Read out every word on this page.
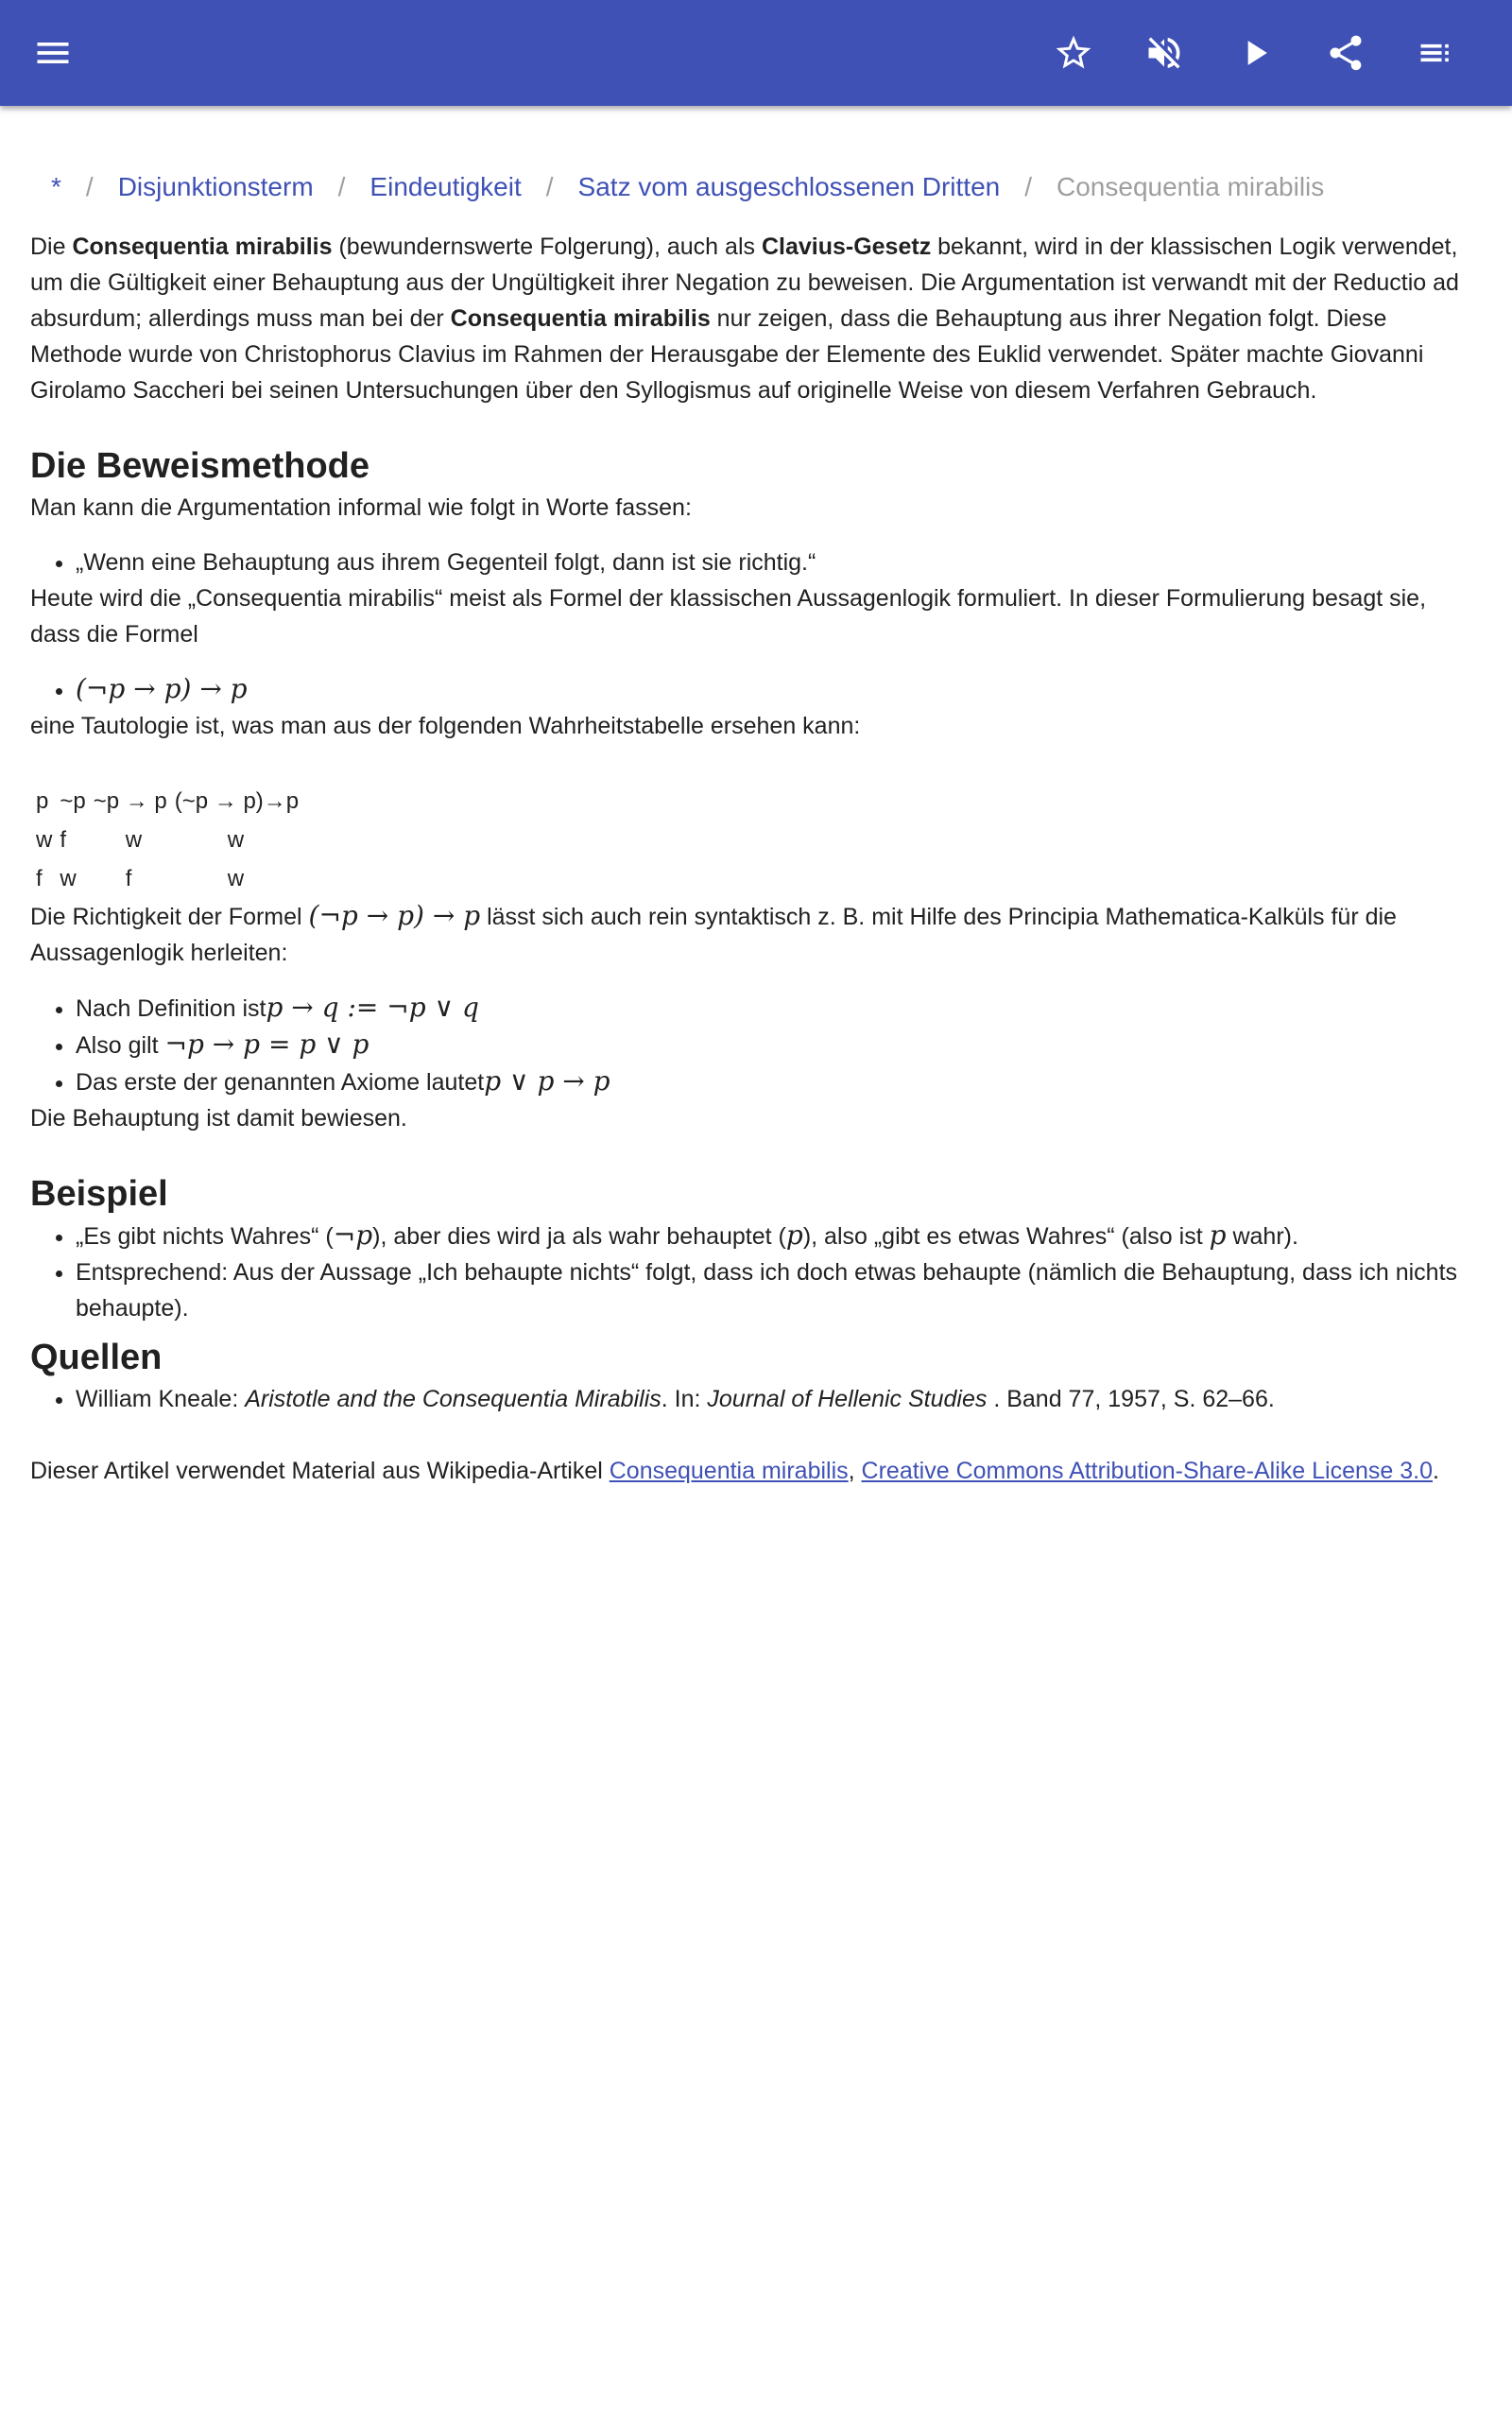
* / Disjunktionsterm / Eindeutigkeit / Satz vom ausgeschlossenen Dritten / Consequentia mirabilis

Die Consequentia mirabilis (bewundernswerte Folgerung), auch als Clavius-Gesetz bekannt, wird in der klassischen Logik verwendet, um die Gültigkeit einer Behauptung aus der Ungültigkeit ihrer Negation zu beweisen. Die Argumentation ist verwandt mit der Reductio ad absurdum; allerdings muss man bei der Consequentia mirabilis nur zeigen, dass die Behauptung aus ihrer Negation folgt. Diese Methode wurde von Christophorus Clavius im Rahmen der Herausgabe der Elemente des Euklid verwendet. Später machte Giovanni Girolamo Saccheri bei seinen Untersuchungen über den Syllogismus auf originelle Weise von diesem Verfahren Gebrauch.

Die Beweismethode

Man kann die Argumentation informal wie folgt in Worte fassen:

• „Wenn eine Behauptung aus ihrem Gegenteil folgt, dann ist sie richtig.“

Heute wird die „Consequentia mirabilis“ meist als Formel der klassischen Aussagenlogik formuliert. In dieser Formulierung besagt sie, dass die Formel

• (¬p → p) → p

eine Tautologie ist, was man aus der folgenden Wahrheitstabelle ersehen kann:

p	~p	~p → p	(~p → p)→p
w	f	w	w
f	w	f	w

Die Richtigkeit der Formel (¬p → p) → p lässt sich auch rein syntaktisch z. B. mit Hilfe des Principia Mathematica-Kalküls für die Aussagenlogik herleiten:

• Nach Definition istp → q := ¬p ∨ q
• Also gilt ¬p → p = p ∨ p
• Das erste der genannten Axiome lautetp ∨ p → p

Die Behauptung ist damit bewiesen.

Beispiel
• „Es gibt nichts Wahres“ (¬p), aber dies wird ja als wahr behauptet (p), also „gibt es etwas Wahres“ (also ist p wahr).
• Entsprechend: Aus der Aussage „Ich behaupte nichts“ folgt, dass ich doch etwas behaupte (nämlich die Behauptung, dass ich nichts behaupte).
Quellen
• William Kneale: Aristotle and the Consequentia Mirabilis. In: Journal of Hellenic Studies . Band 77, 1957, S. 62–66.

Dieser Artikel verwendet Material aus Wikipedia-Artikel Consequentia mirabilis, Creative Commons Attribution-Share-Alike License 3.0.
